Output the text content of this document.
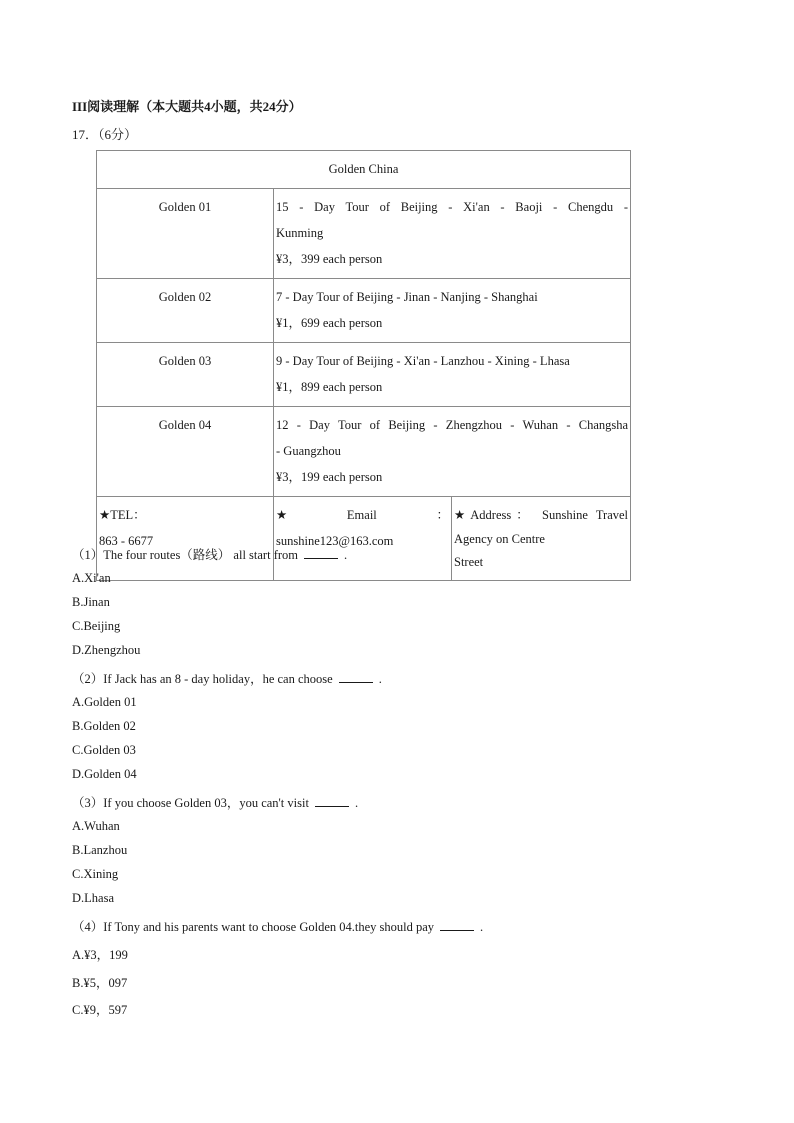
III阅读理解（本大题共4小题，共24分）
17．（6分）
Golden China		
Golden 01	15 - Day Tour of Beijing - Xi'an - Baoji - Chengdu -
Kunming
¥3，399 each person	

Golden 02	7 - Day Tour of Beijing - Jinan - Nanjing - Shanghai
¥1，699 each person	

Golden 03	9 - Day Tour of Beijing - Xi'an - Lanzhou - Xining - Lhasa
¥1，899 each person	

Golden 04	12 - Day Tour of Beijing - Zhengzhou - Wuhan - Changsha
- Guangzhou
¥3，199 each person	

★TEL：
863 - 6677	★ Email ：
sunshine123@163.com	★Address： Sunshine Travel
Agency on Centre
Street
（1）The four routes（路线） all start from	.
A.Xi'an
B.Jinan
C.Beijing
D.Zhengzhou
（2）If Jack has an 8 - day holiday，he can choose	.
A.Golden 01
B.Golden 02
C.Golden 03
D.Golden 04
（3）If you choose Golden 03，you can't visit	.
A.Wuhan
B.Lanzhou
C.Xining
D.Lhasa
（4）If Tony and his parents want to choose Golden 04.they should pay	.
A.¥3，199
B.¥5，097
C.¥9，597
